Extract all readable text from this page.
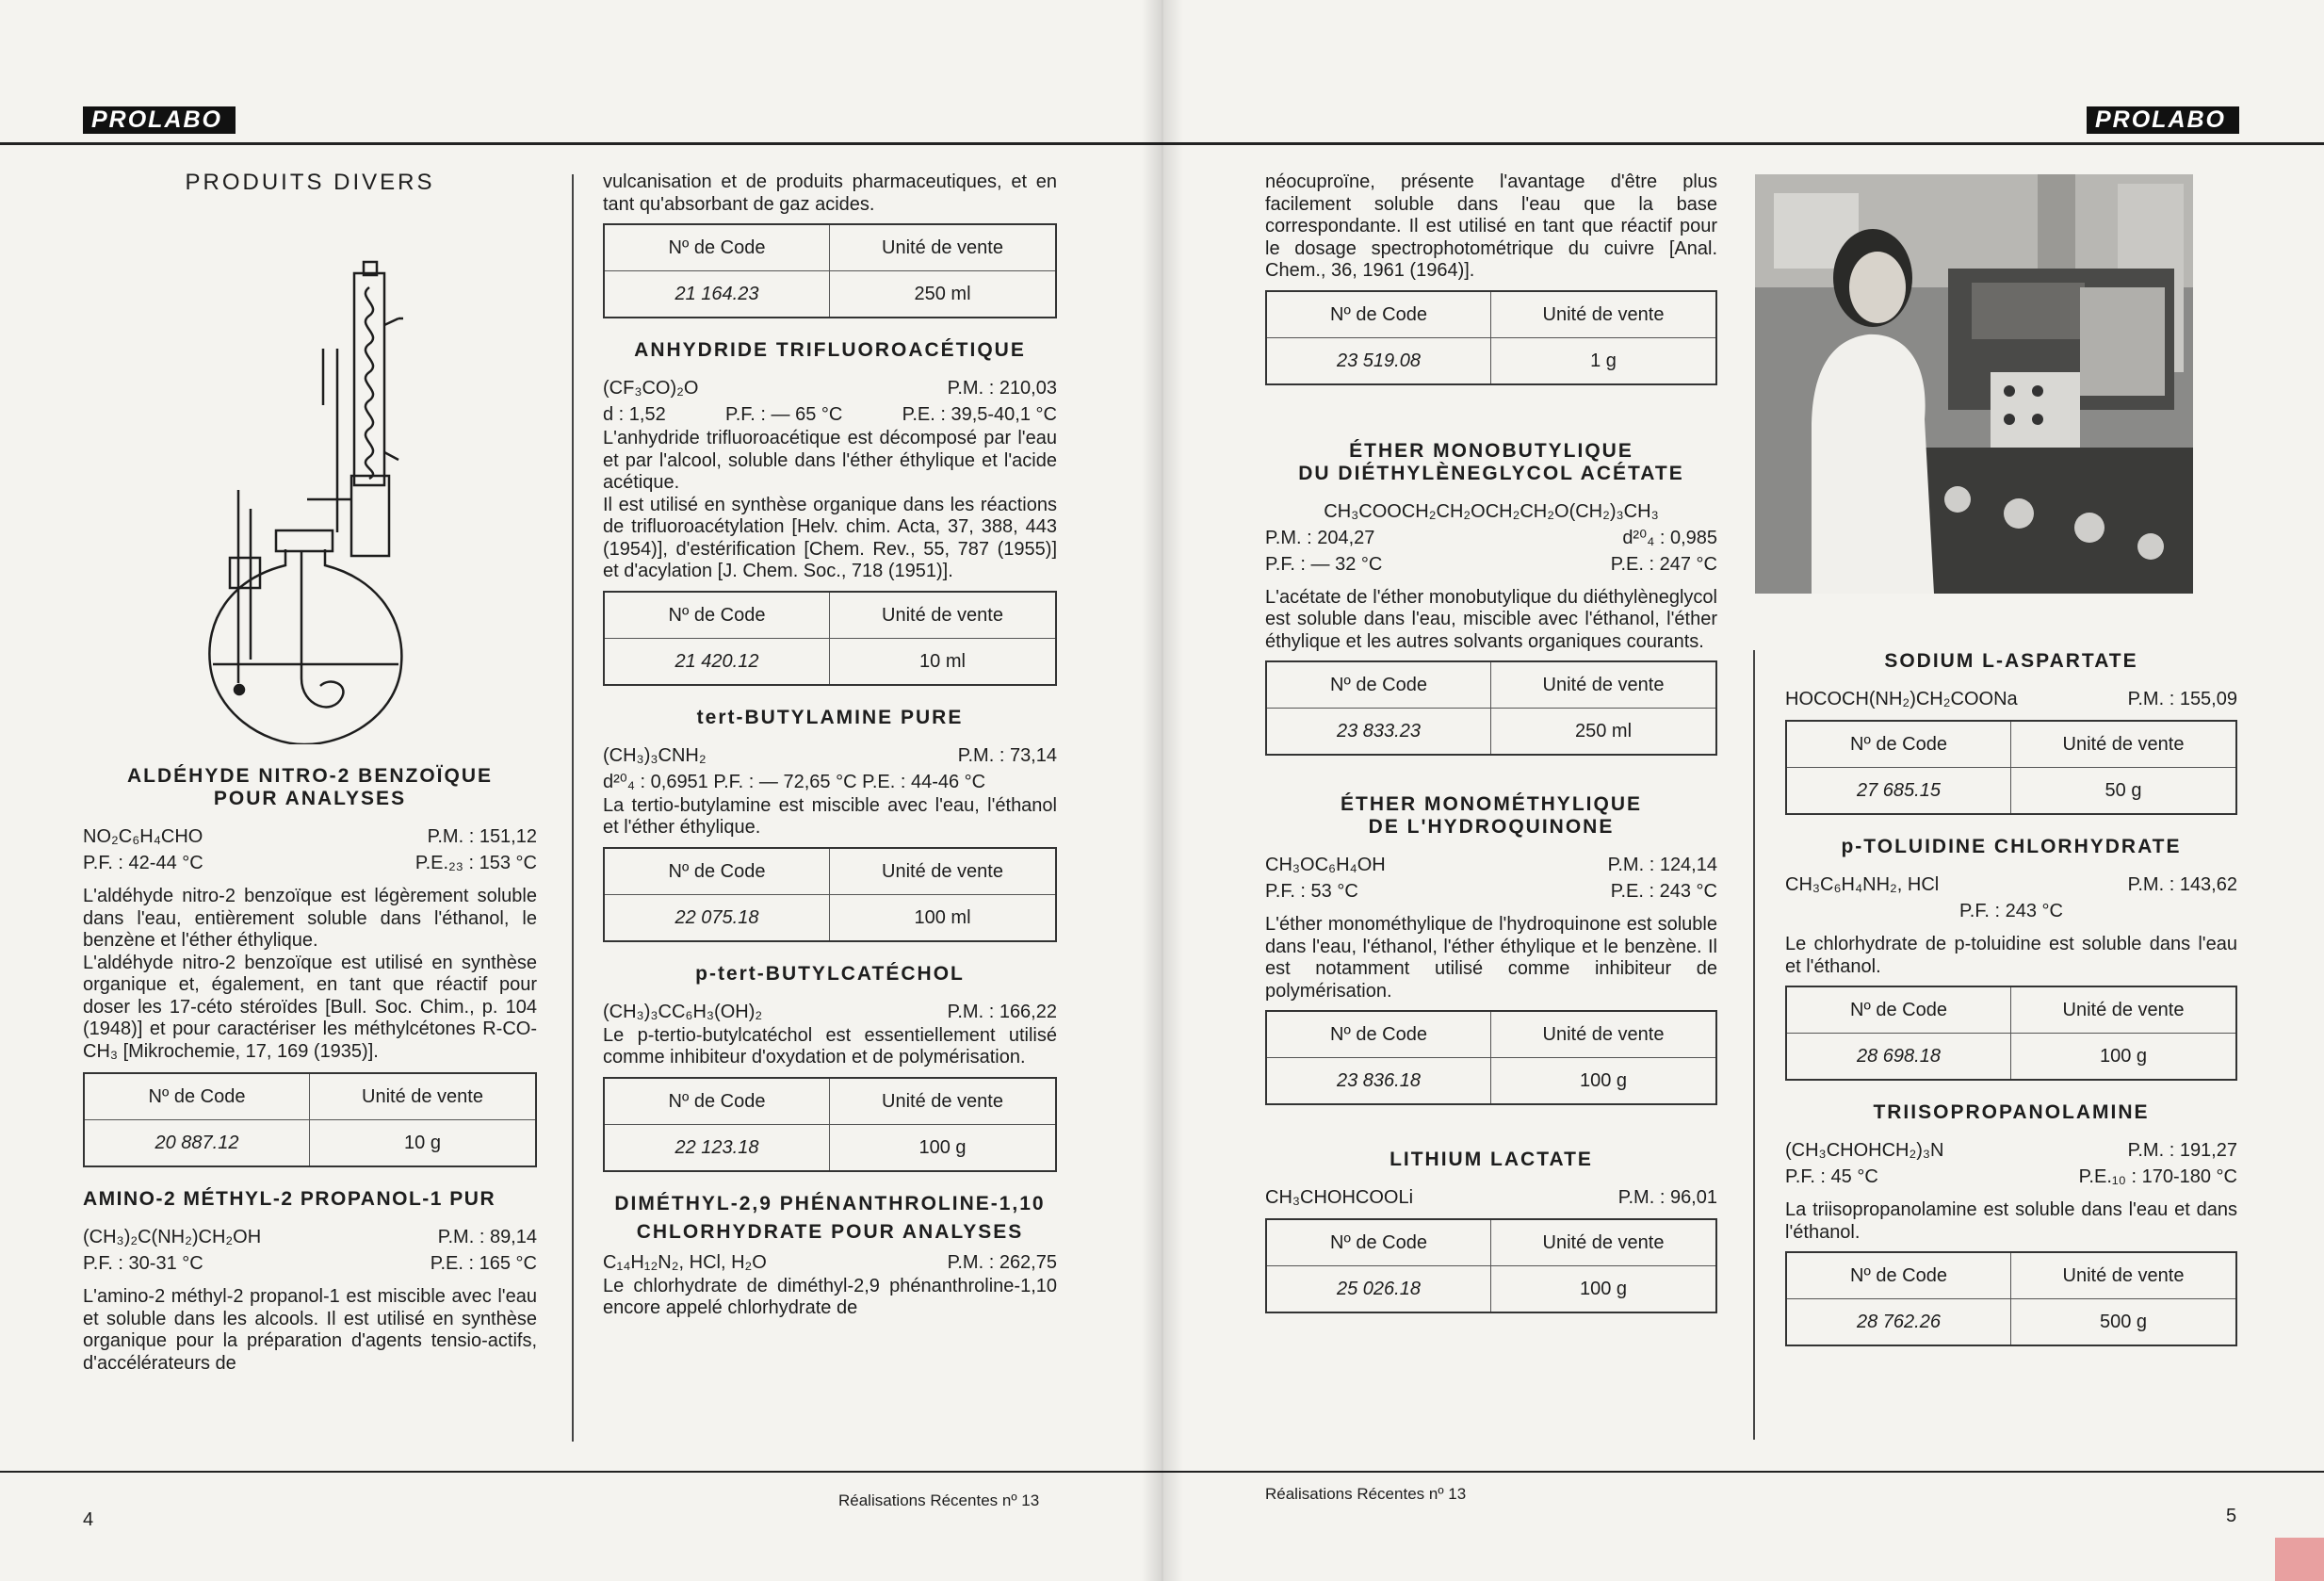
PROLABO
PRODUITS DIVERS
ALDÉHYDE NITRO-2 BENZOÏQUE
POUR ANALYSES
NO₂C₆H₄CHO	P.M. : 151,12
P.F. : 42-44 °C	P.E.₂₃ : 153 °C

L'aldéhyde nitro-2 benzoïque est légèrement soluble dans l'eau, entièrement soluble dans l'éthanol, le benzène et l'éther éthylique.

L'aldéhyde nitro-2 benzoïque est utilisé en synthèse organique et, également, en tant que réactif pour doser les 17-céto stéroïdes [Bull. Soc. Chim., p. 104 (1948)] et pour caractériser les méthylcétones R-CO-CH₃ [Mikrochemie, 17, 169 (1935)].

Nº de Code	Unité de vente
20 887.12	10 g
AMINO-2 MÉTHYL-2 PROPANOL-1 PUR
(CH₃)₂C(NH₂)CH₂OH	P.M. : 89,14
P.F. : 30-31 °C	P.E. : 165 °C

L'amino-2 méthyl-2 propanol-1 est miscible avec l'eau et soluble dans les alcools. Il est utilisé en synthèse organique pour la préparation d'agents tensio-actifs, d'accélérateurs de

vulcanisation et de produits pharmaceutiques, et en tant qu'absorbant de gaz acides.

Nº de Code	Unité de vente
21 164.23	250 ml
ANHYDRIDE TRIFLUOROACÉTIQUE
(CF₃CO)₂O	P.M. : 210,03
d : 1,52	P.F. : — 65 °C	P.E. : 39,5-40,1 °C

L'anhydride trifluoroacétique est décomposé par l'eau et par l'alcool, soluble dans l'éther éthylique et l'acide acétique.

Il est utilisé en synthèse organique dans les réactions de trifluoroacétylation [Helv. chim. Acta, 37, 388, 443 (1954)], d'estérification [Chem. Rev., 55, 787 (1955)] et d'acylation [J. Chem. Soc., 718 (1951)].

Nº de Code	Unité de vente
21 420.12	10 ml
tert-BUTYLAMINE PURE
(CH₃)₃CNH₂	P.M. : 73,14
d²⁰₄ : 0,6951 P.F. : — 72,65 °C P.E. : 44-46 °C

La tertio-butylamine est miscible avec l'eau, l'éthanol et l'éther éthylique.

Nº de Code	Unité de vente
22 075.18	100 ml
p-tert-BUTYLCATÉCHOL
(CH₃)₃CC₆H₃(OH)₂	P.M. : 166,22

Le p-tertio-butylcatéchol est essentiellement utilisé comme inhibiteur d'oxydation et de polymérisation.

Nº de Code	Unité de vente
22 123.18	100 g
DIMÉTHYL-2,9 PHÉNANTHROLINE-1,10
CHLORHYDRATE POUR ANALYSES
C₁₄H₁₂N₂, HCl, H₂O	P.M. : 262,75

Le chlorhydrate de diméthyl-2,9 phénanthroline-1,10 encore appelé chlorhydrate de

Réalisations Récentes nº 13
4
PROLABO

néocuproïne, présente l'avantage d'être plus facilement soluble dans l'eau que la base correspondante. Il est utilisé en tant que réactif pour le dosage spectrophotométrique du cuivre [Anal. Chem., 36, 1961 (1964)].

Nº de Code	Unité de vente
23 519.08	1 g
ÉTHER MONOBUTYLIQUE
DU DIÉTHYLÈNEGLYCOL ACÉTATE
CH₃COOCH₂CH₂OCH₂CH₂O(CH₂)₃CH₃
P.M. : 204,27	d²⁰₄ : 0,985
P.F. : — 32 °C	P.E. : 247 °C

L'acétate de l'éther monobutylique du diéthylèneglycol est soluble dans l'eau, miscible avec l'éthanol, l'éther éthylique et les autres solvants organiques courants.

Nº de Code	Unité de vente
23 833.23	250 ml
ÉTHER MONOMÉTHYLIQUE
DE L'HYDROQUINONE
CH₃OC₆H₄OH	P.M. : 124,14
P.F. : 53 °C	P.E. : 243 °C

L'éther monométhylique de l'hydroquinone est soluble dans l'eau, l'éthanol, l'éther éthylique et le benzène. Il est notamment utilisé comme inhibiteur de polymérisation.

Nº de Code	Unité de vente
23 836.18	100 g
LITHIUM LACTATE
CH₃CHOHCOOLi	P.M. : 96,01
Nº de Code	Unité de vente
25 026.18	100 g
SODIUM L-ASPARTATE
HOCOCH(NH₂)CH₂COONa	P.M. : 155,09
Nº de Code	Unité de vente
27 685.15	50 g
p-TOLUIDINE CHLORHYDRATE
CH₃C₆H₄NH₂, HCl	P.M. : 143,62
P.F. : 243 °C

Le chlorhydrate de p-toluidine est soluble dans l'eau et l'éthanol.

Nº de Code	Unité de vente
28 698.18	100 g
TRIISOPROPANOLAMINE
(CH₃CHOHCH₂)₃N	P.M. : 191,27
P.F. : 45 °C	P.E.₁₀ : 170-180 °C

La triisopropanolamine est soluble dans l'eau et dans l'éthanol.

Nº de Code	Unité de vente
28 762.26	500 g
Réalisations Récentes nº 13
5
